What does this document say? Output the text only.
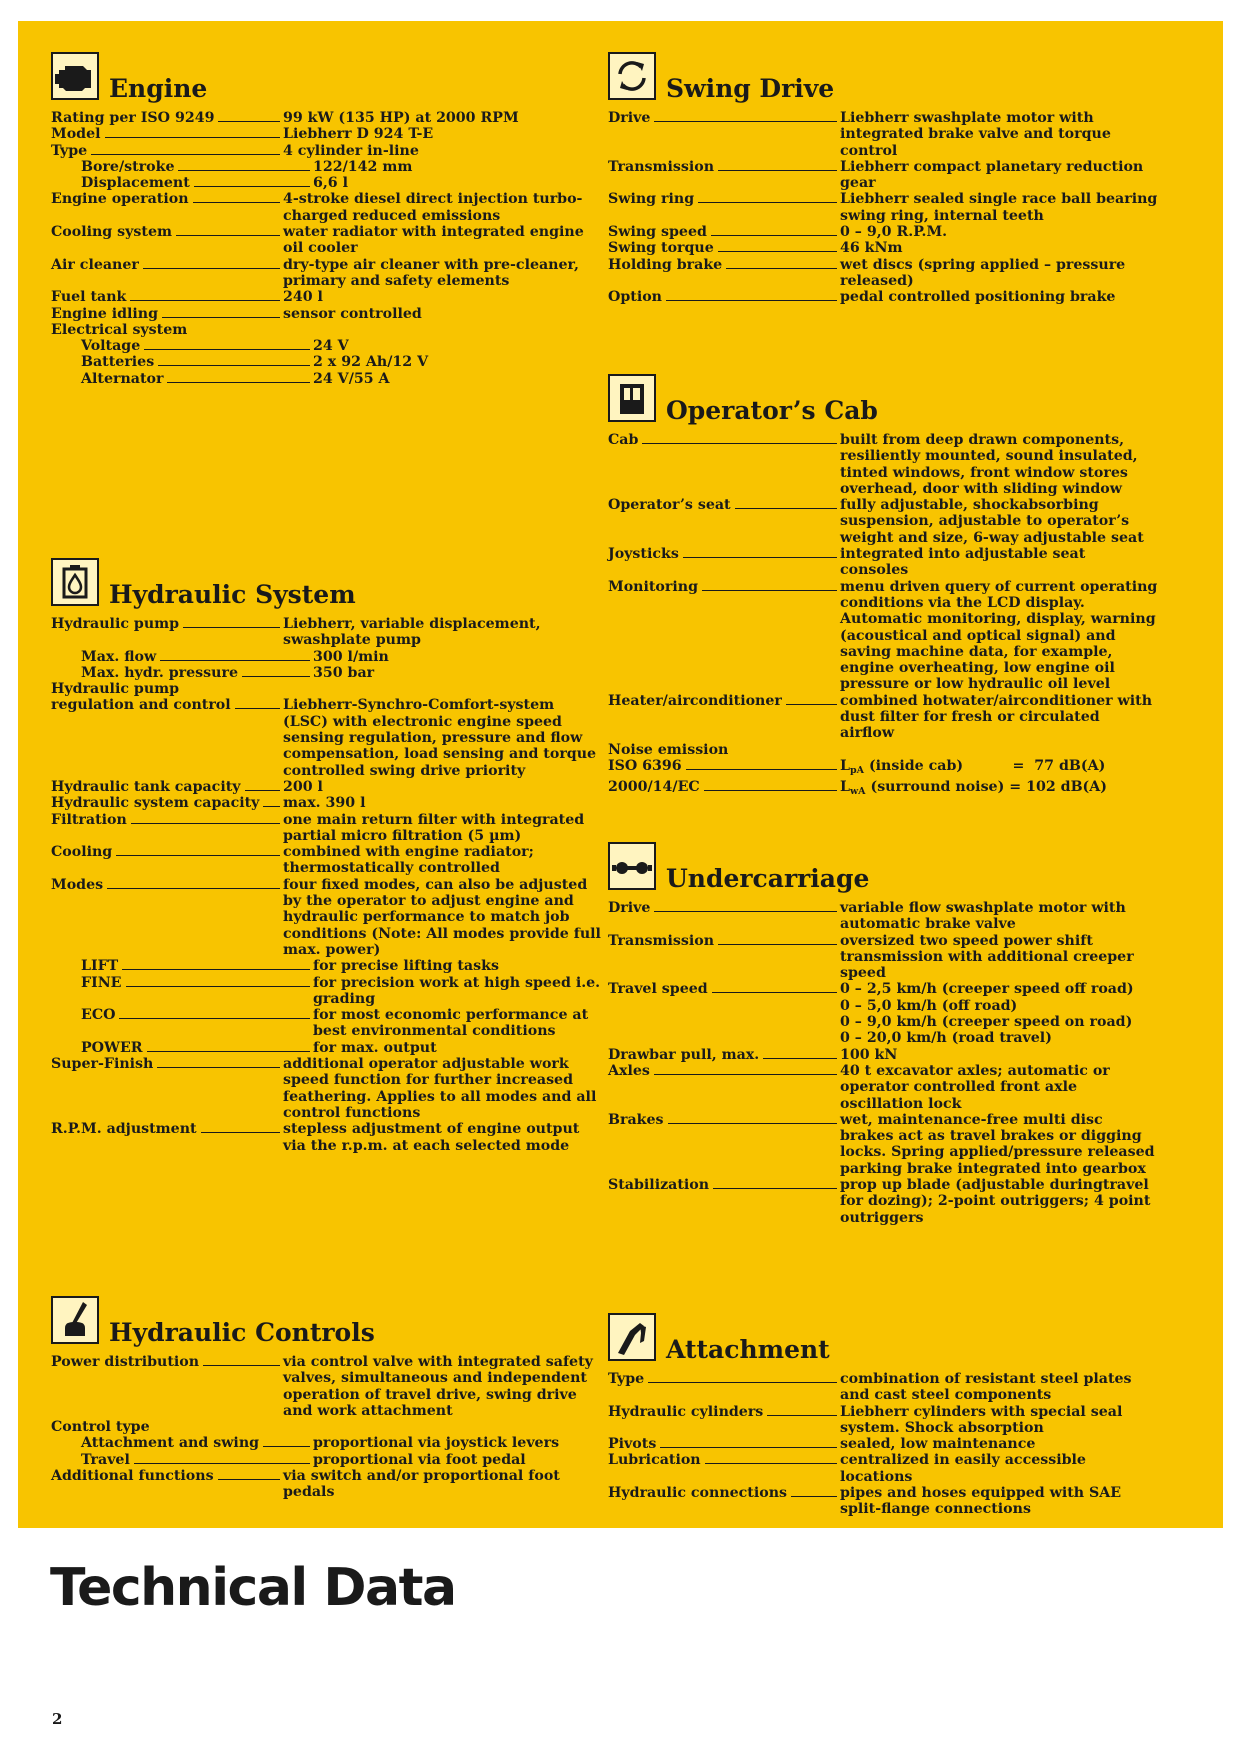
Engine
Rating per ISO 9249	99 kW (135 HP) at 2000 RPM
Model	Liebherr D 924 T-E
Type	4 cylinder in-line
Bore/stroke	122/142 mm
Displacement	6,6 l
Engine operation	4-stroke diesel direct injection turbo-charged reduced emissions
Cooling system	water radiator with integrated engine oil cooler
Air cleaner	dry-type air cleaner with pre-cleaner, primary and safety elements
Fuel tank	240 l
Engine idling	sensor controlled
Electrical system
Voltage	24 V
Batteries	2 x 92 Ah/12 V
Alternator	24 V/55 A
Hydraulic System
Hydraulic pump	Liebherr, variable displacement, swashplate pump
Max. flow	300 l/min
Max. hydr. pressure	350 bar
Hydraulic pump
regulation and control	Liebherr-Synchro-Comfort-system (LSC) with electronic engine speed sensing regulation, pressure and flow compensation, load sensing and torque controlled swing drive priority
Hydraulic tank capacity	200 l
Hydraulic system capacity max. 390 l
Filtration	one main return filter with integrated partial micro filtration (5 µm)
Cooling	combined with engine radiator; thermostatically controlled
Modes	four fixed modes, can also be adjusted by the operator to adjust engine and hydraulic performance to match job conditions (Note: All modes provide full max. power)
LIFT	for precise lifting tasks
FINE	for precision work at high speed i.e. grading
ECO	for most economic performance at best environmental conditions
POWER	for max. output
Super-Finish	additional operator adjustable work speed function for further increased feathering. Applies to all modes and all control functions
R.P.M. adjustment	stepless adjustment of engine output via the r.p.m. at each selected mode
Hydraulic Controls
Power distribution	via control valve with integrated safety valves, simultaneous and independent operation of travel drive, swing drive and work attachment
Control type
Attachment and swing	proportional via joystick levers
Travel	proportional via foot pedal
Additional functions	via switch and/or proportional foot pedals
Swing Drive
Drive	Liebherr swashplate motor with integrated brake valve and torque control
Transmission	Liebherr compact planetary reduction gear
Swing ring	Liebherr sealed single race ball bearing swing ring, internal teeth
Swing speed	0 – 9,0 R.P.M.
Swing torque	46 kNm
Holding brake	wet discs (spring applied – pressure released)
Option	pedal controlled positioning brake
Operator’s Cab
Cab	built from deep drawn components, resiliently mounted, sound insulated, tinted windows, front window stores overhead, door with sliding window
Operator’s seat	fully adjustable, shockabsorbing suspension, adjustable to operator’s weight and size, 6-way adjustable seat
Joysticks	integrated into adjustable seat consoles
Monitoring	menu driven query of current operating conditions via the LCD display. Automatic monitoring, display, warning (acoustical and optical signal) and saving machine data, for example, engine overheating, low engine oil pressure or low hydraulic oil level
Heater/airconditioner	combined hotwater/airconditioner with dust filter for fresh or circulated airflow
Noise emission
ISO 6396	$L_{pA}$ (inside cab)	=  77 dB(A)
2000/14/EC	$L_{wA}$ (surround noise) = 102 dB(A)
Undercarriage
Drive	variable flow swashplate motor with automatic brake valve
Transmission	oversized two speed power shift transmission with additional creeper speed
Travel speed	0 – 2,5 km/h (creeper speed off road)
0 – 5,0 km/h (off road)
0 – 9,0 km/h (creeper speed on road)
0 – 20,0 km/h (road travel)
Drawbar pull, max.	100 kN
Axles	40 t excavator axles; automatic or operator controlled front axle oscillation lock
Brakes	wet, maintenance-free multi disc brakes act as travel brakes or digging locks. Spring applied/pressure released parking brake integrated into gearbox
Stabilization	prop up blade (adjustable duringtravel for dozing); 2-point outriggers; 4 point outriggers
Attachment
Type	combination of resistant steel plates and cast steel components
Hydraulic cylinders	Liebherr cylinders with special seal system. Shock absorption
Pivots	sealed, low maintenance
Lubrication	centralized in easily accessible locations
Hydraulic connections	pipes and hoses equipped with SAE split-flange connections
Technical Data
2
